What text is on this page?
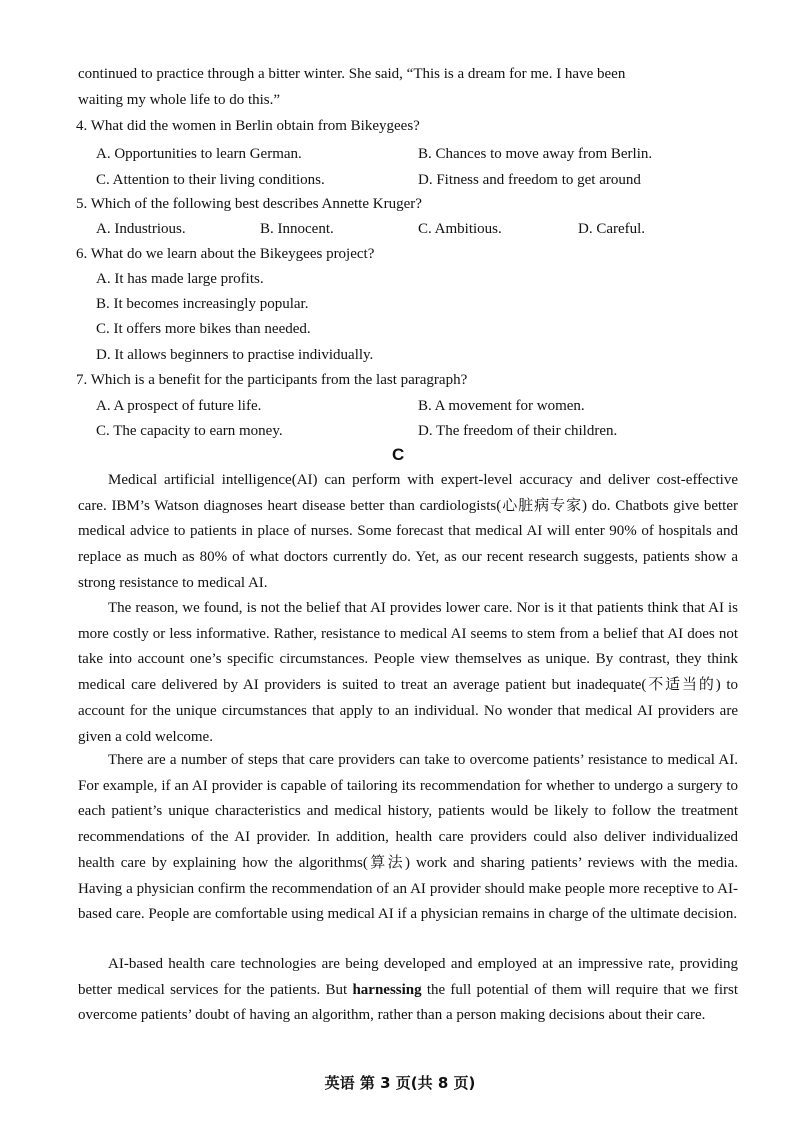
continued to practice through a bitter winter. She said, “This is a dream for me. I have been
waiting my whole life to do this.”
4. What did the women in Berlin obtain from Bikeygees?
A. Opportunities to learn German.	B. Chances to move away from Berlin.
C. Attention to their living conditions.	D. Fitness and freedom to get around
5. Which of the following best describes Annette Kruger?
A. Industrious.	B. Innocent.	C. Ambitious.	D. Careful.
6. What do we learn about the Bikeygees project?
A. It has made large profits.
B. It becomes increasingly popular.
C. It offers more bikes than needed.
D. It allows beginners to practise individually.
7. Which is a benefit for the participants from the last paragraph?
A. A prospect of future life.	B. A movement for women.
C. The capacity to earn money.	D. The freedom of their children.
C
Medical artificial intelligence(AI) can perform with expert-level accuracy and deliver cost-effective care. IBM’s Watson diagnoses heart disease better than cardiologists(心脏病专家) do. Chatbots give better medical advice to patients in place of nurses. Some forecast that medical AI will enter 90% of hospitals and replace as much as 80% of what doctors currently do. Yet, as our recent research suggests, patients show a strong resistance to medical AI.
The reason, we found, is not the belief that AI provides lower care. Nor is it that patients think that AI is more costly or less informative. Rather, resistance to medical AI seems to stem from a belief that AI does not take into account one’s specific circumstances. People view themselves as unique. By contrast, they think medical care delivered by AI providers is suited to treat an average patient but inadequate(不适当的) to account for the unique circumstances that apply to an individual. No wonder that medical AI providers are given a cold welcome.
There are a number of steps that care providers can take to overcome patients’ resistance to medical AI. For example, if an AI provider is capable of tailoring its recommendation for whether to undergo a surgery to each patient’s unique characteristics and medical history, patients would be likely to follow the treatment recommendations of the AI provider. In addition, health care providers could also deliver individualized health care by explaining how the algorithms(算法) work and sharing patients’ reviews with the media. Having a physician confirm the recommendation of an AI provider should make people more receptive to AI-based care. People are comfortable using medical AI if a physician remains in charge of the ultimate decision.
AI-based health care technologies are being developed and employed at an impressive rate, providing better medical services for the patients. But harnessing the full potential of them will require that we first overcome patients’ doubt of having an algorithm, rather than a person making decisions about their care.
英语 第 3 页(共 8 页)
